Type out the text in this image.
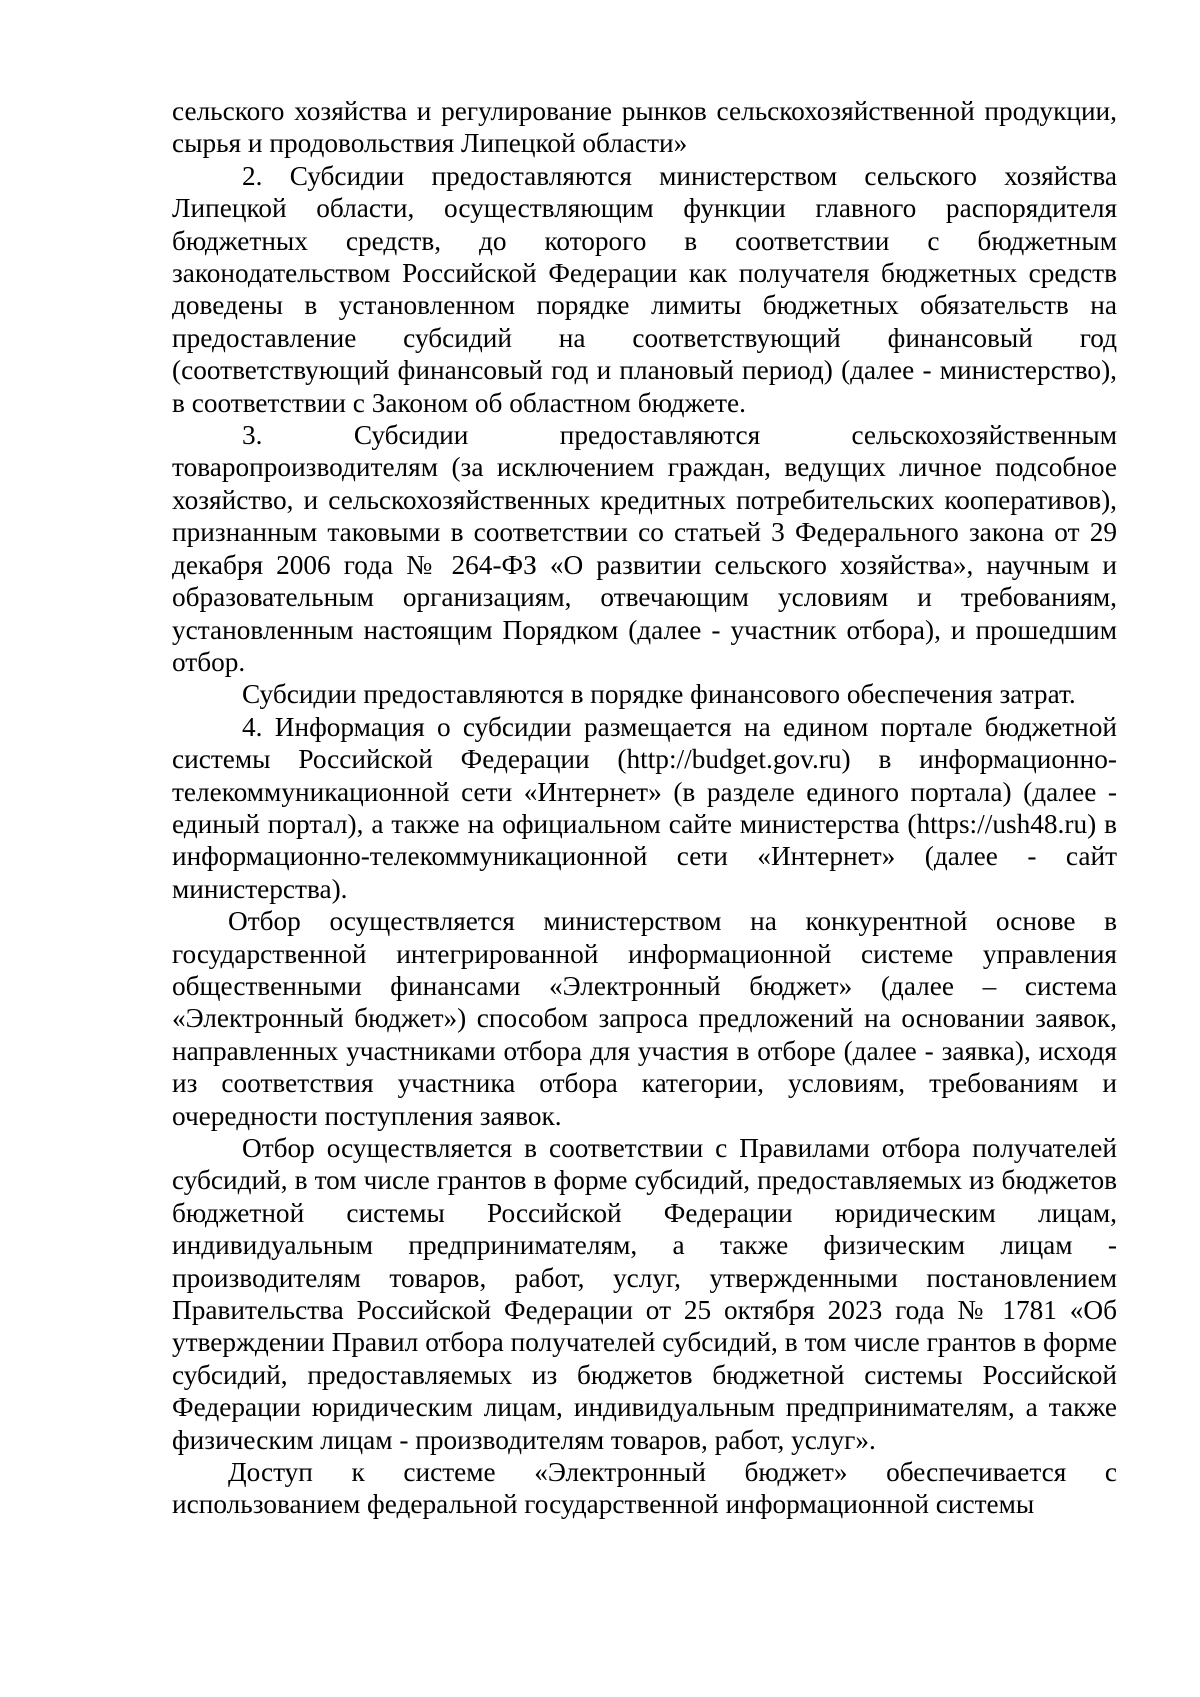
сельского хозяйства и регулирование рынков сельскохозяйственной продукции, сырья и продовольствия Липецкой области»

2. Субсидии предоставляются министерством сельского хозяйства Липецкой области, осуществляющим функции главного распорядителя бюджетных средств, до которого в соответствии с бюджетным законодательством Российской Федерации как получателя бюджетных средств доведены в установленном порядке лимиты бюджетных обязательств на предоставление субсидий на соответствующий финансовый год (соответствующий финансовый год и плановый период) (далее - министерство), в соответствии с Законом об областном бюджете.

3. Субсидии предоставляются сельскохозяйственным товаропроизводителям (за исключением граждан, ведущих личное подсобное хозяйство, и сельскохозяйственных кредитных потребительских кооперативов), признанным таковыми в соответствии со статьей 3 Федерального закона от 29 декабря 2006 года № 264-ФЗ «О развитии сельского хозяйства», научным и образовательным организациям, отвечающим условиям и требованиям, установленным настоящим Порядком (далее - участник отбора), и прошедшим отбор.

Субсидии предоставляются в порядке финансового обеспечения затрат.

4. Информация о субсидии размещается на едином портале бюджетной системы Российской Федерации (http://budget.gov.ru) в информационно-телекоммуникационной сети «Интернет» (в разделе единого портала) (далее - единый портал), а также на официальном сайте министерства (https://ush48.ru) в информационно-телекоммуникационной сети «Интернет» (далее - сайт министерства).

Отбор осуществляется министерством на конкурентной основе в государственной интегрированной информационной системе управления общественными финансами «Электронный бюджет» (далее – система «Электронный бюджет») способом запроса предложений на основании заявок, направленных участниками отбора для участия в отборе (далее - заявка), исходя из соответствия участника отбора категории, условиям, требованиям и очередности поступления заявок.

Отбор осуществляется в соответствии с Правилами отбора получателей субсидий, в том числе грантов в форме субсидий, предоставляемых из бюджетов бюджетной системы Российской Федерации юридическим лицам, индивидуальным предпринимателям, а также физическим лицам - производителям товаров, работ, услуг, утвержденными постановлением Правительства Российской Федерации от 25 октября 2023 года № 1781 «Об утверждении Правил отбора получателей субсидий, в том числе грантов в форме субсидий, предоставляемых из бюджетов бюджетной системы Российской Федерации юридическим лицам, индивидуальным предпринимателям, а также физическим лицам - производителям товаров, работ, услуг».

Доступ к системе «Электронный бюджет» обеспечивается с использованием федеральной государственной информационной системы
